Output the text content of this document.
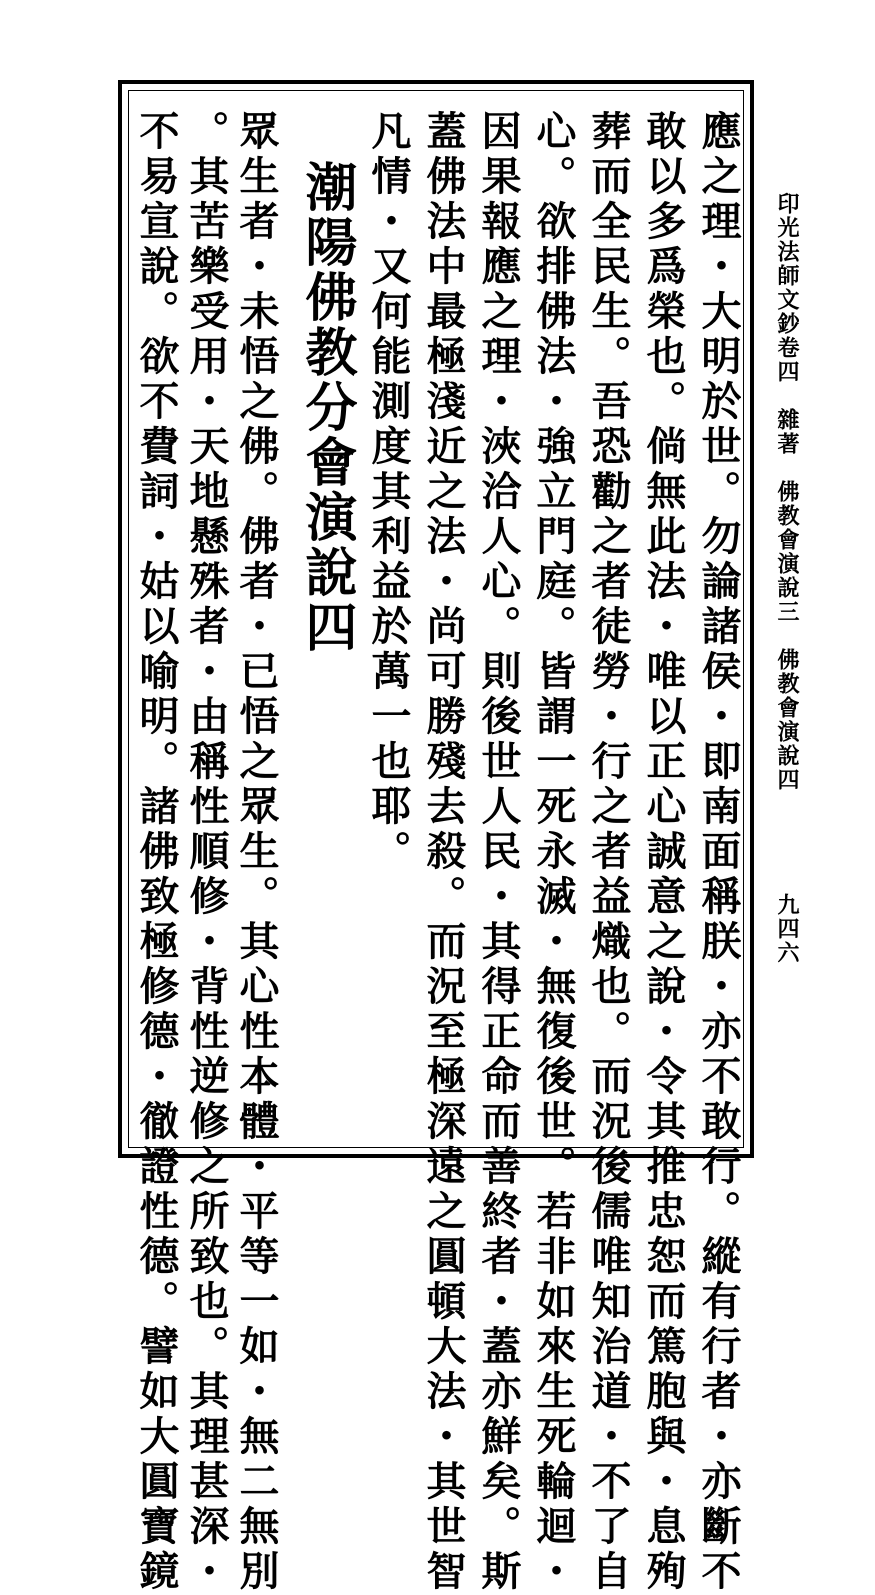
印光法師文鈔卷四　雜著　佛教會演說三　佛教會演說四
九四六
應之理・大明於世。勿論諸侯・即南面稱朕・亦不敢行。縱有行者・亦斷不
敢以多爲榮也。倘無此法・唯以正心誠意之說・令其推忠恕而篤胞與・息殉
葬而全民生。吾恐勸之者徒勞・行之者益熾也。而況後儒唯知治道・不了自
心。欲排佛法・強立門庭。皆謂一死永滅・無復後世。若非如來生死輪迴・
因果報應之理・浹洽人心。則後世人民・其得正命而善終者・蓋亦鮮矣。斯
蓋佛法中最極淺近之法・尚可勝殘去殺。而況至極深遠之圓頓大法・其世智
凡情・又何能測度其利益於萬一也耶。
潮陽佛教分會演說四
眾生者・未悟之佛。佛者・已悟之眾生。其心性本體・平等一如・無二無別
。其苦樂受用・天地懸殊者・由稱性順修・背性逆修之所致也。其理甚深・
不易宣說。欲不費詞・姑以喻明。諸佛致極修德・徹證性德。譬如大圓寶鏡
